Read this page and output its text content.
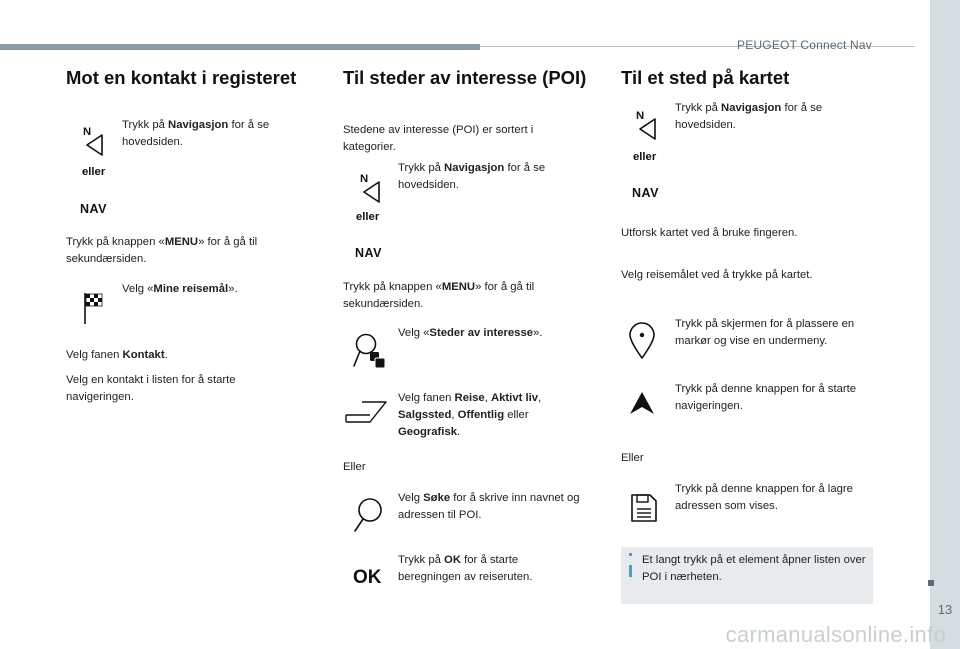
PEUGEOT Connect Nav
13
carmanualsonline.info
Mot en kontakt i registeret
N
Trykk på Navigasjon for å se hovedsiden.
eller
NAV
Trykk på knappen «MENU» for å gå til sekundærsiden.
Velg «Mine reisemål».
Velg fanen Kontakt.
Velg en kontakt i listen for å starte navigeringen.
Til steder av interesse (POI)
Stedene av interesse (POI) er sortert i kategorier.
N
Trykk på Navigasjon for å se hovedsiden.
eller
NAV
Trykk på knappen «MENU» for å gå til sekundærsiden.
Velg «Steder av interesse».
Velg fanen Reise, Aktivt liv, Salgssted, Offentlig eller Geografisk.
Eller
Velg Søke for å skrive inn navnet og adressen til POI.
OK
Trykk på OK for å starte beregningen av reiseruten.
Til et sted på kartet
N
Trykk på Navigasjon for å se hovedsiden.
eller
NAV
Utforsk kartet ved å bruke fingeren.
Velg reisemålet ved å trykke på kartet.
Trykk på skjermen for å plassere en markør og vise en undermeny.
Trykk på denne knappen for å starte navigeringen.
Eller
Trykk på denne knappen for å lagre adressen som vises.
Et langt trykk på et element åpner listen over POI i nærheten.
